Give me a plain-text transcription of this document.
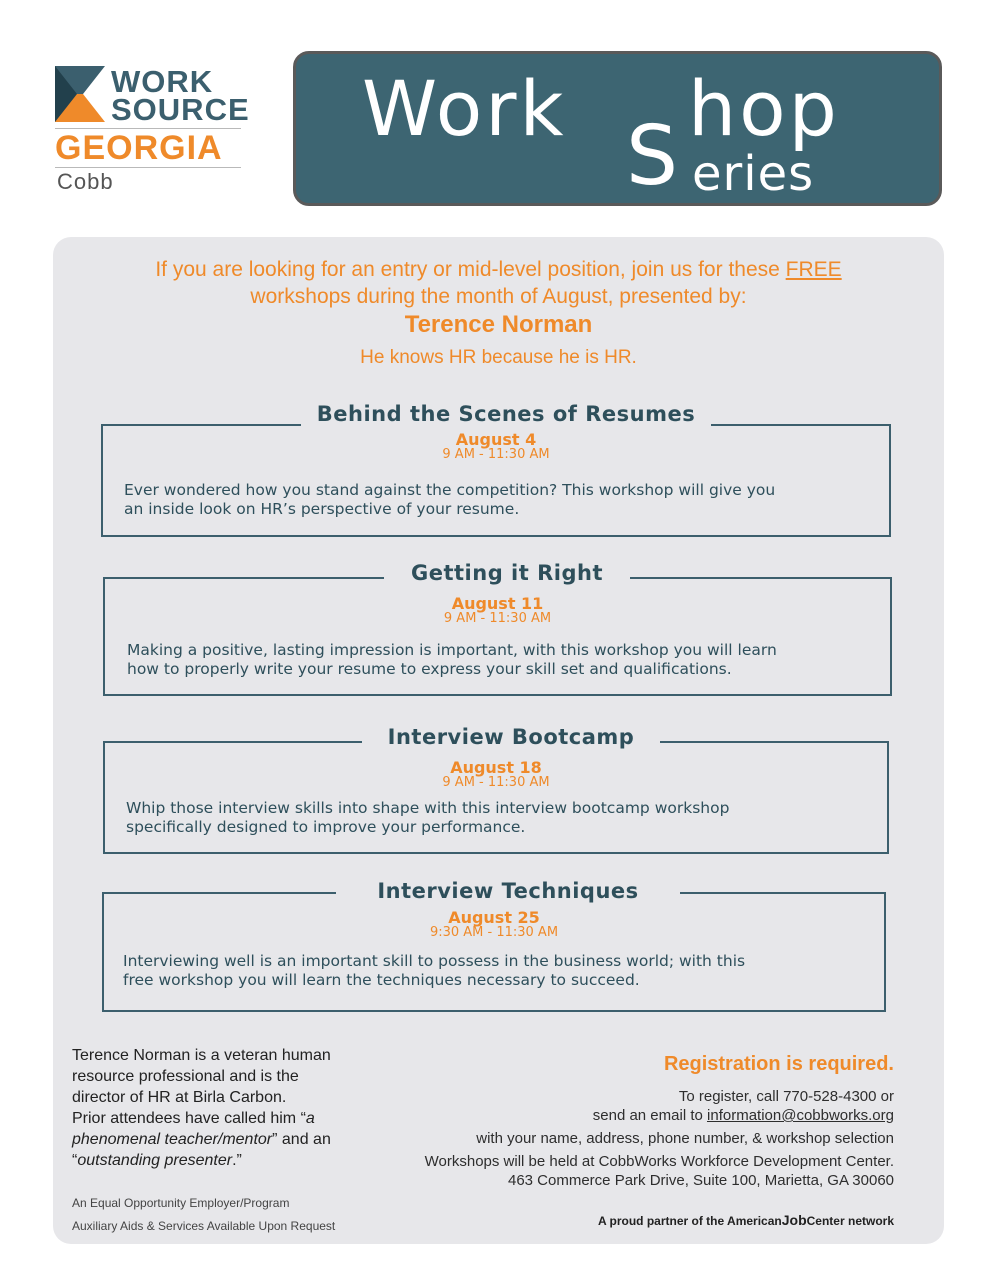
WORK
SOURCE
GEORGIA
Cobb
Work
S
hop
eries
If you are looking for an entry or mid-level position, join us for these FREE
workshops during the month of August, presented by:
Terence Norman
He knows HR because he is HR.
Behind the Scenes of Resumes
August 4
9 AM - 11:30 AM
Ever wondered how you stand against the competition? This workshop will give you
an inside look on HR’s perspective of your resume.
Getting it Right
August 11
9 AM - 11:30 AM
Making a positive, lasting impression is important, with this workshop you will learn
how to properly write your resume to express your skill set and qualifications.
Interview Bootcamp
August 18
9 AM - 11:30 AM
Whip those interview skills into shape with this interview bootcamp workshop
specifically designed to improve your performance.
Interview Techniques
August 25
9:30 AM - 11:30 AM
Interviewing well is an important skill to possess in the business world; with this
free workshop you will learn the techniques necessary to succeed.
Terence Norman is a veteran human
resource professional and is the
director of HR at Birla Carbon.
Prior attendees have called him “a
phenomenal teacher/mentor” and an
“outstanding presenter.”
An Equal Opportunity Employer/Program
Auxiliary Aids & Services Available Upon Request
Registration is required.
To register, call 770-528-4300 or
send an email to information@cobbworks.org
with your name, address, phone number, & workshop selection
Workshops will be held at CobbWorks Workforce Development Center.
463 Commerce Park Drive, Suite 100, Marietta, GA 30060
A proud partner of the AmericanJobCenter network
